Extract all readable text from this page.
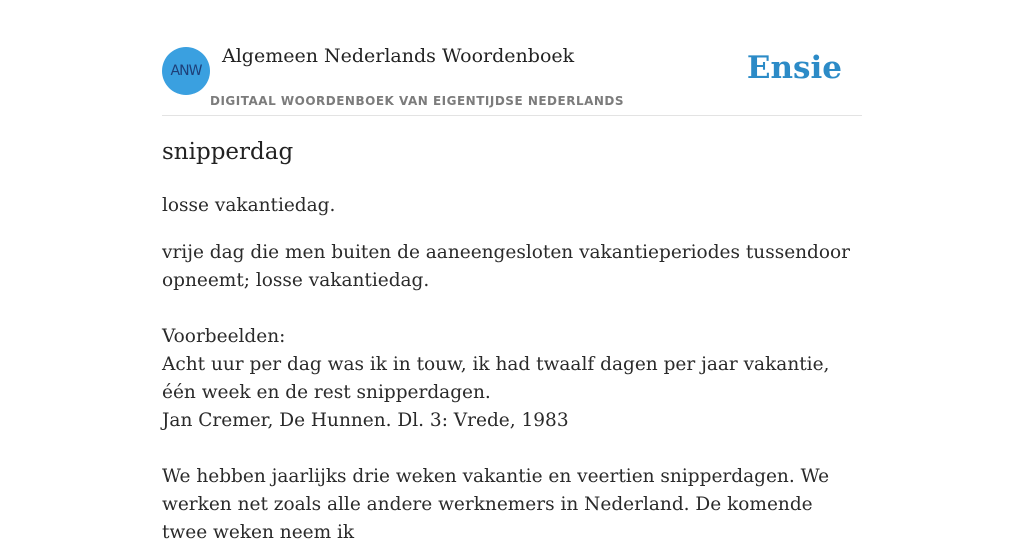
ANW
Algemeen Nederlands Woordenboek
DIGITAAL WOORDENBOEK VAN EIGENTIJDSE NEDERLANDS
Ensie
snipperdag
losse vakantiedag.

vrije dag die men buiten de aaneengesloten vakantieperiodes tussendoor opneemt; losse vakantiedag.

Voorbeelden:

Acht uur per dag was ik in touw, ik had twaalf dagen per jaar vakantie, één week en de rest snipperdagen.

Jan Cremer, De Hunnen. Dl. 3: Vrede, 1983

We hebben jaarlijks drie weken vakantie en veertien snipperdagen. We werken net zoals alle andere werknemers in Nederland. De komende twee weken neem ik
